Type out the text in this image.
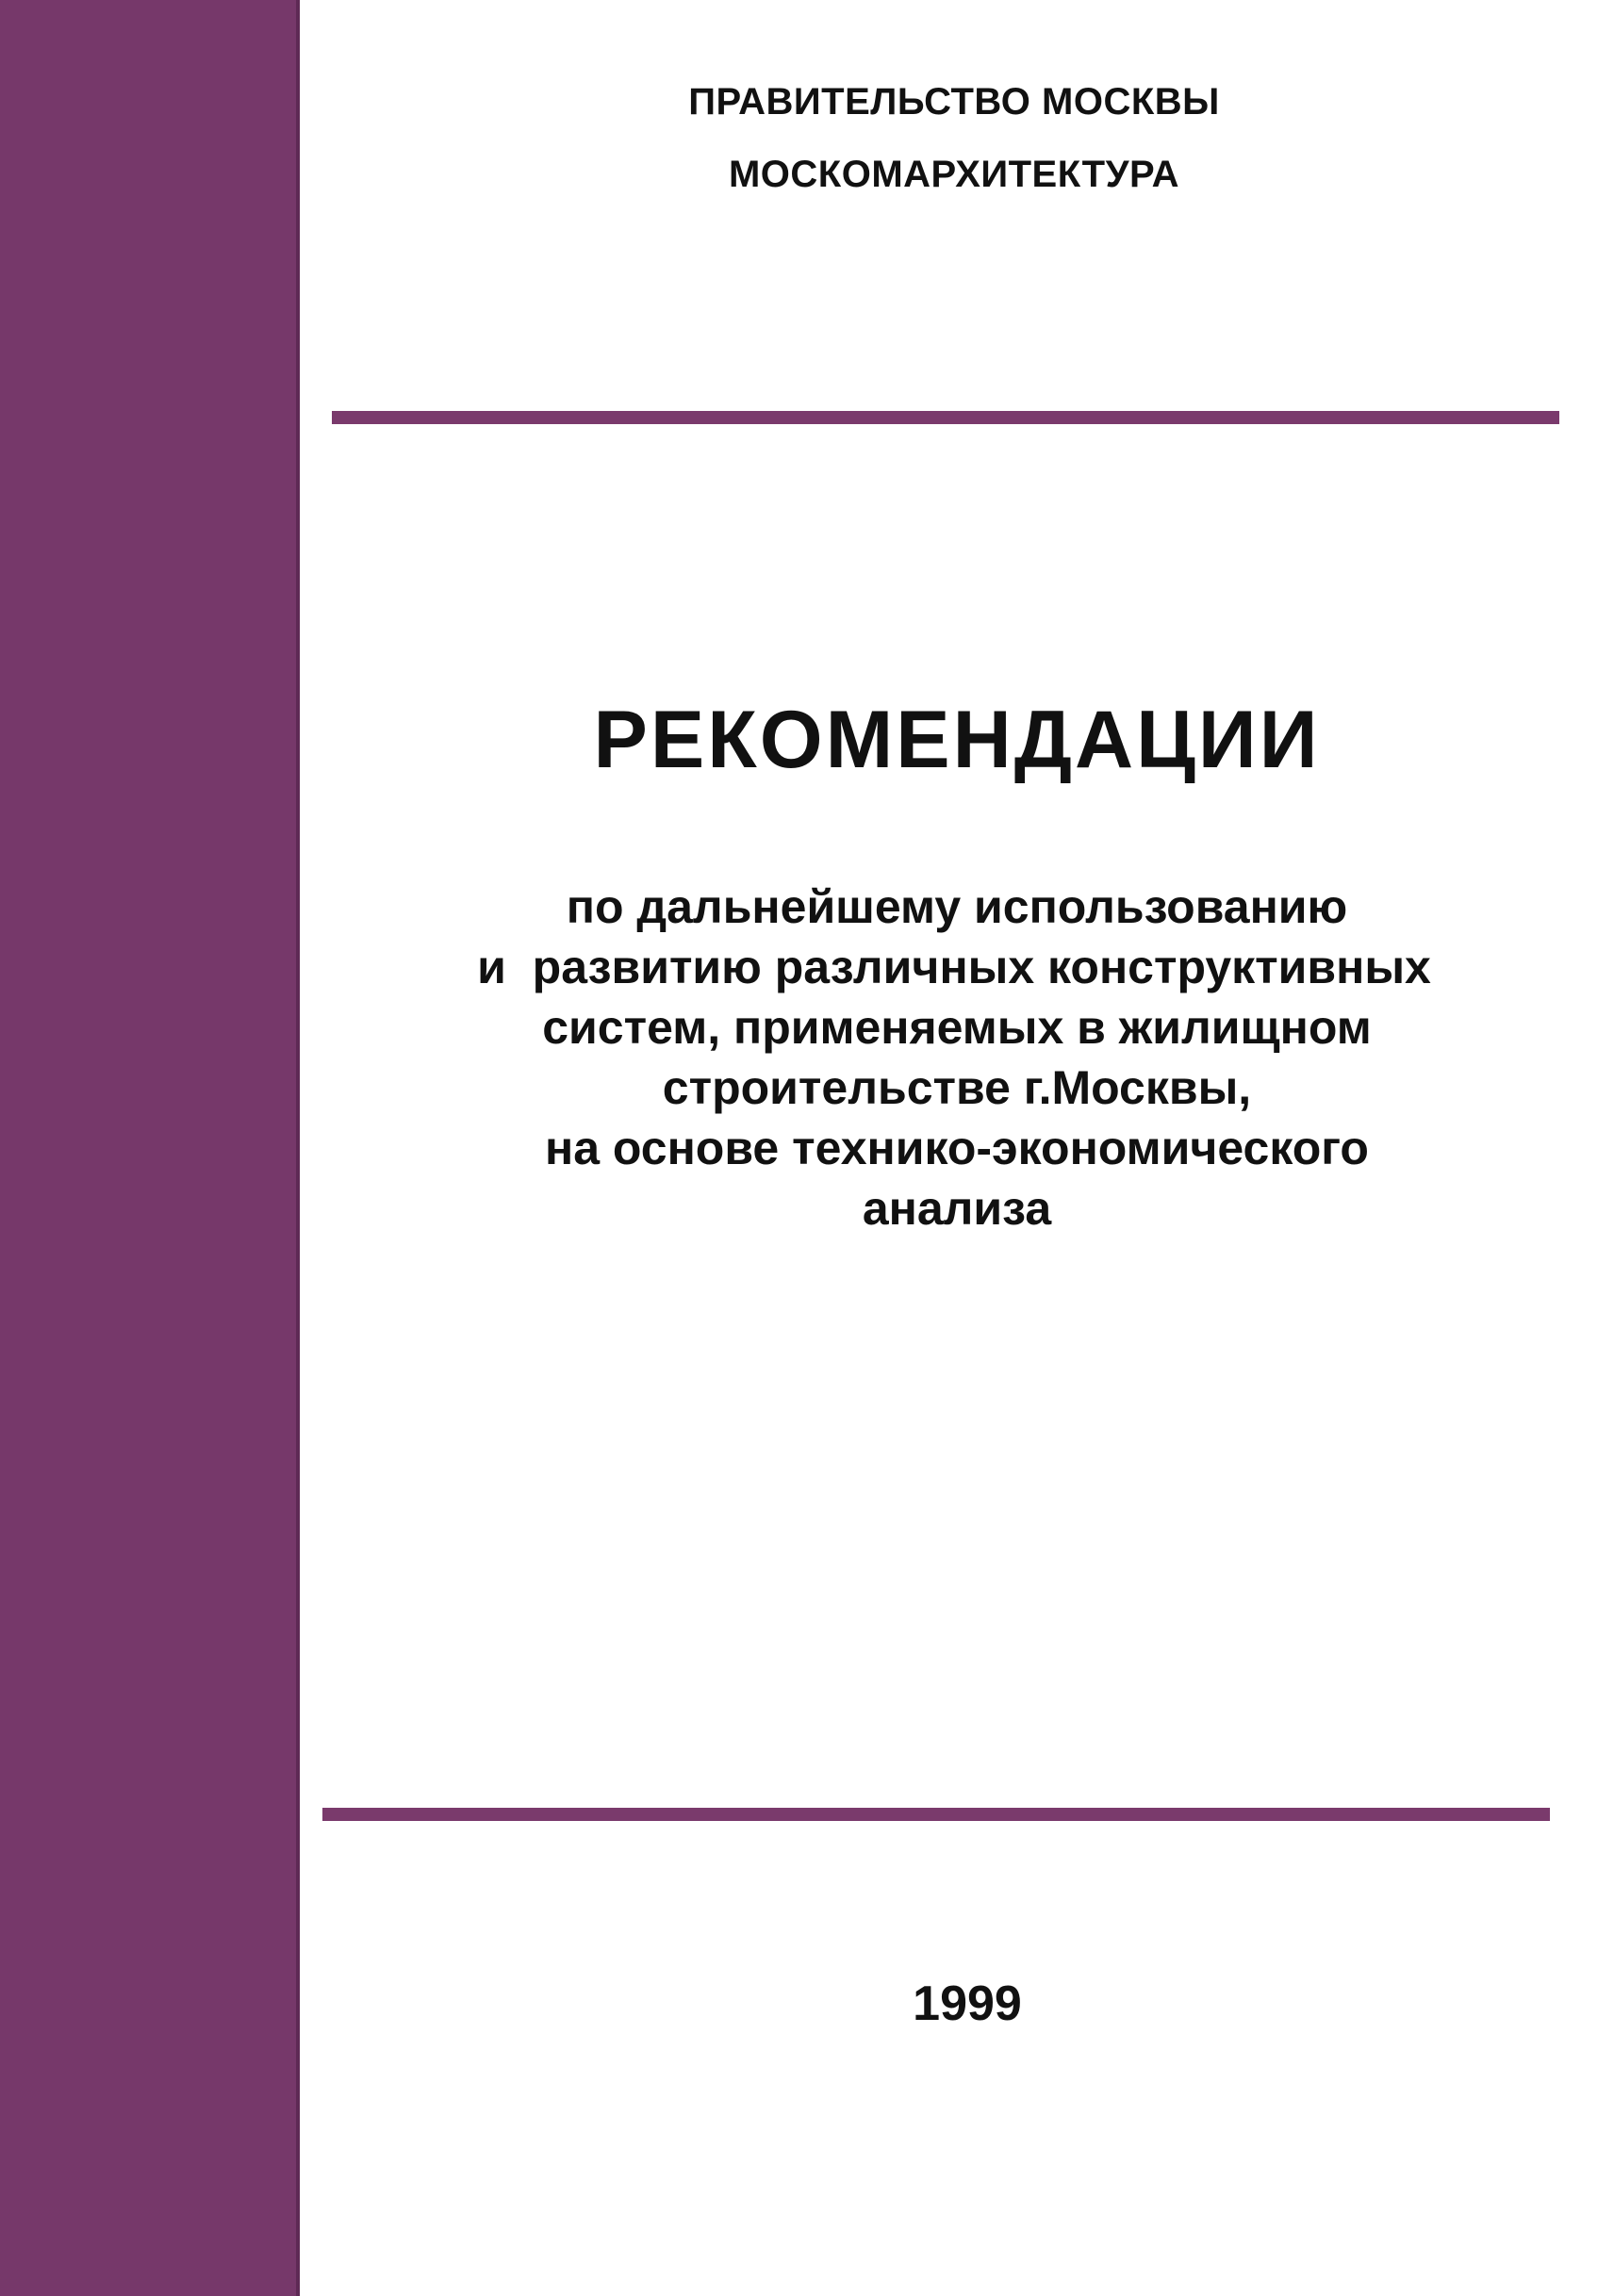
ПРАВИТЕЛЬСТВО МОСКВЫ
МОСКОМАРХИТЕКТУРА
РЕКОМЕНДАЦИИ
по дальнейшему использованию
и  развитию различных конструктивных
систем, применяемых в жилищном
строительстве г.Москвы,
на основе технико-экономического
анализа
1999
